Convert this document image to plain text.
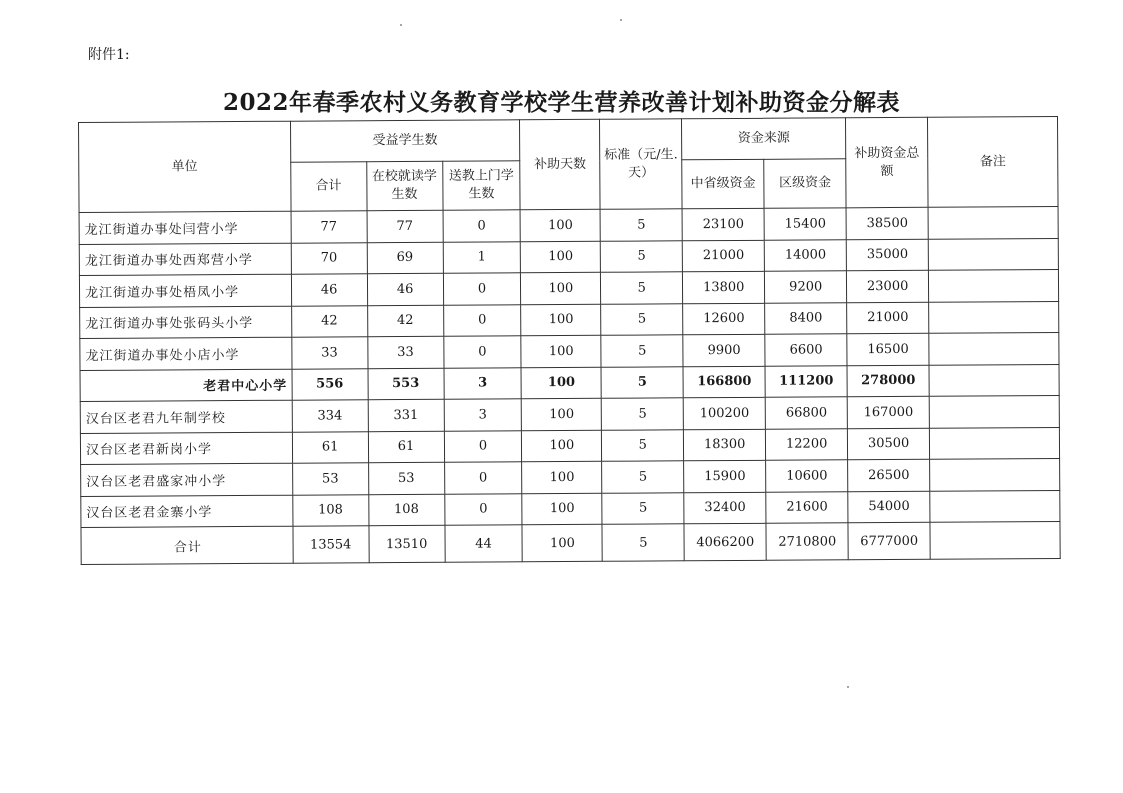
附件1:
2022年春季农村义务教育学校学生营养改善计划补助资金分解表
单位	受益学生数			补助天数	标准（元/生.天）	资金来源		补助资金总额	备注
	合计	在校就读学生数	送教上门学生数			中省级资金	区级资金		
龙江街道办事处闫营小学	77	77	0	100	5	23100	15400	38500	
龙江街道办事处西郑营小学	70	69	1	100	5	21000	14000	35000	
龙江街道办事处梧凤小学	46	46	0	100	5	13800	9200	23000	
龙江街道办事处张码头小学	42	42	0	100	5	12600	8400	21000	
龙江街道办事处小店小学	33	33	0	100	5	9900	6600	16500	
老君中心小学	556	553	3	100	5	166800	111200	278000	
汉台区老君九年制学校	334	331	3	100	5	100200	66800	167000	
汉台区老君新岗小学	61	61	0	100	5	18300	12200	30500	
汉台区老君盛家冲小学	53	53	0	100	5	15900	10600	26500	
汉台区老君金寨小学	108	108	0	100	5	32400	21600	54000	
合计	13554	13510	44	100	5	4066200	2710800	6777000	
